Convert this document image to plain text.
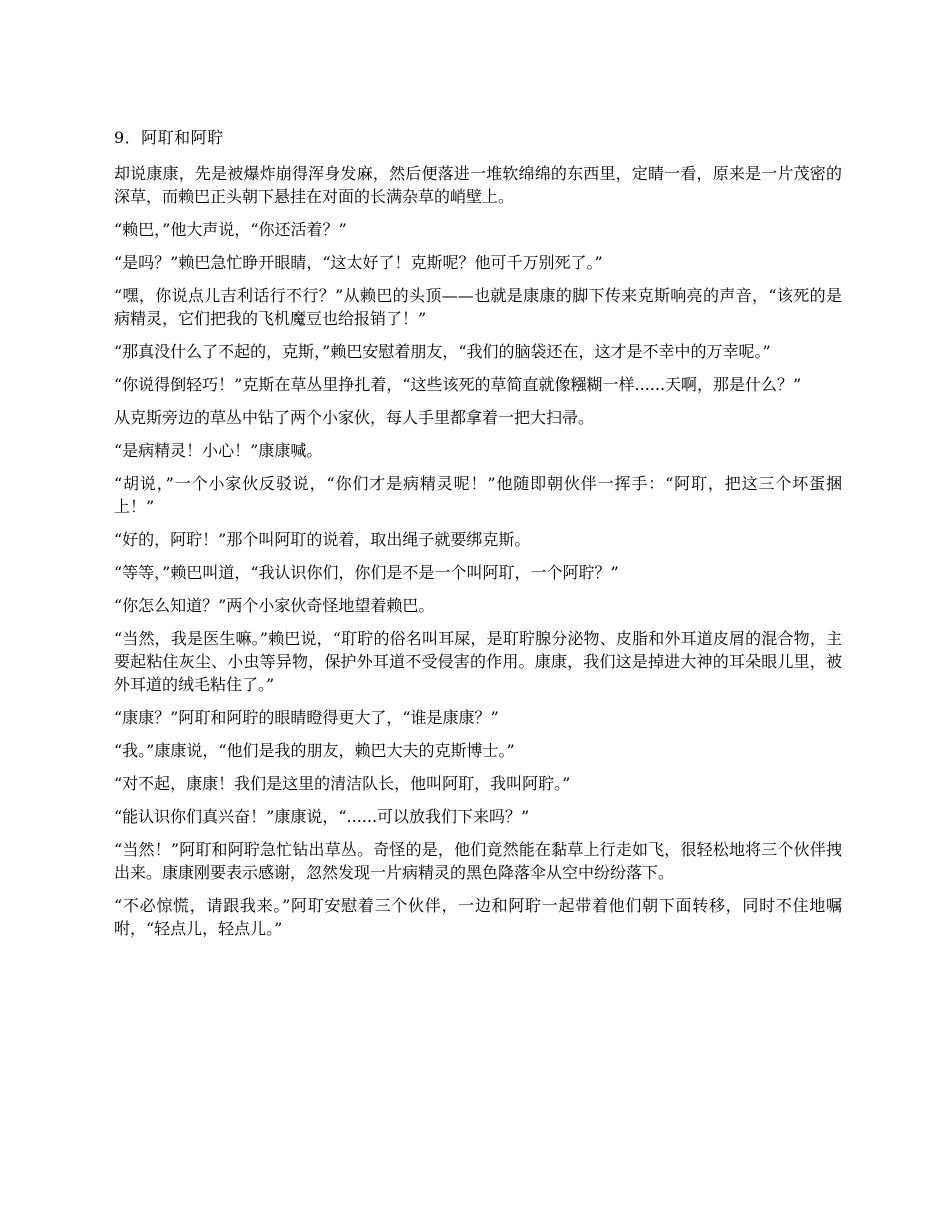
9．阿耵和阿聍

却说康康，先是被爆炸崩得浑身发麻，然后便落进一堆软绵绵的东西里，定睛一看，原来是一片茂密的深草，而赖巴正头朝下悬挂在对面的长满杂草的峭壁上。

“赖巴，”他大声说，“你还活着？”

“是吗？”赖巴急忙睁开眼睛，“这太好了！克斯呢？他可千万别死了。”

“嘿，你说点儿吉利话行不行？”从赖巴的头顶——也就是康康的脚下传来克斯响亮的声音，“该死的是病精灵，它们把我的飞机魔豆也给报销了！”

“那真没什么了不起的，克斯，”赖巴安慰着朋友，“我们的脑袋还在，这才是不幸中的万幸呢。”

“你说得倒轻巧！”克斯在草丛里挣扎着，“这些该死的草简直就像糨糊一样......天啊，那是什么？”

从克斯旁边的草丛中钻了两个小家伙，每人手里都拿着一把大扫帚。

“是病精灵！小心！”康康喊。

“胡说，”一个小家伙反驳说，“你们才是病精灵呢！”他随即朝伙伴一挥手：“阿耵，把这三个坏蛋捆上！”

“好的，阿聍！”那个叫阿耵的说着，取出绳子就要绑克斯。

“等等，”赖巴叫道，“我认识你们，你们是不是一个叫阿耵，一个阿聍？”

“你怎么知道？”两个小家伙奇怪地望着赖巴。

“当然，我是医生嘛。”赖巴说，“耵聍的俗名叫耳屎，是耵聍腺分泌物、皮脂和外耳道皮屑的混合物，主要起粘住灰尘、小虫等异物，保护外耳道不受侵害的作用。康康，我们这是掉进大神的耳朵眼儿里，被外耳道的绒毛粘住了。”

“康康？”阿耵和阿聍的眼睛瞪得更大了，“谁是康康？”

“我。”康康说，“他们是我的朋友，赖巴大夫的克斯博士。”

“对不起，康康！我们是这里的清洁队长，他叫阿耵，我叫阿聍。”

“能认识你们真兴奋！”康康说，“......可以放我们下来吗？”

“当然！”阿耵和阿聍急忙钻出草丛。奇怪的是，他们竟然能在黏草上行走如飞，很轻松地将三个伙伴拽出来。康康刚要表示感谢，忽然发现一片病精灵的黑色降落伞从空中纷纷落下。

“不必惊慌，请跟我来。”阿耵安慰着三个伙伴，一边和阿聍一起带着他们朝下面转移，同时不住地嘱咐，“轻点儿，轻点儿。”
